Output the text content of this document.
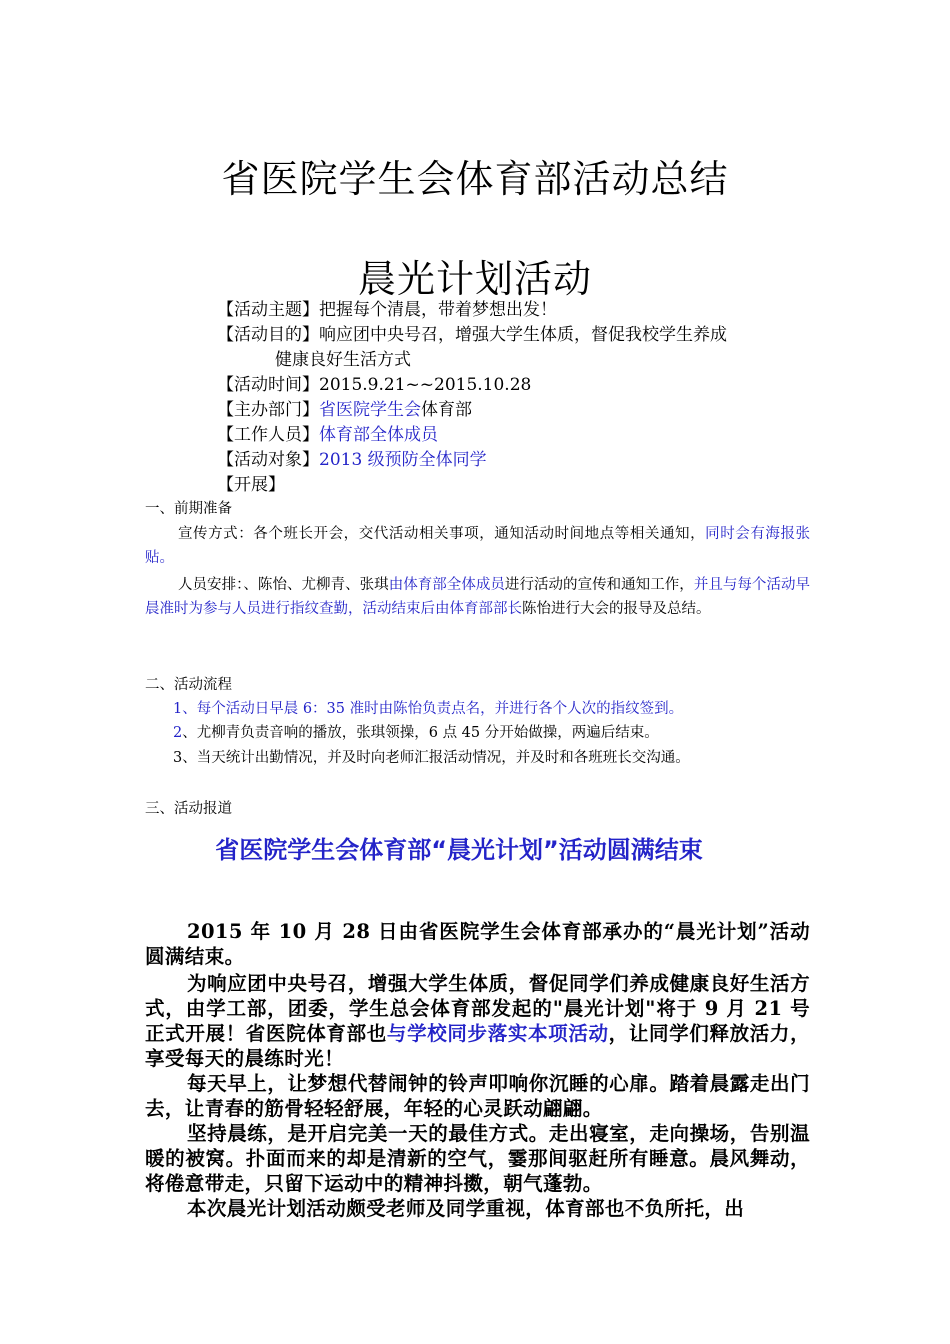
省医院学生会体育部活动总结
晨光计划活动
【活动主题】把握每个清晨，带着梦想出发！
【活动目的】响应团中央号召，增强大学生体质，督促我校学生养成
健康良好生活方式
【活动时间】2015.9.21~~2015.10.28
【主办部门】省医院学生会体育部
【工作人员】体育部全体成员
【活动对象】2013 级预防全体同学
【开展】
一、前期准备
宣传方式：各个班长开会，交代活动相关事项，通知活动时间地点等相关通知，同时会有海报张贴。
人员安排：、陈怡、尤柳青、张琪由体育部全体成员进行活动的宣传和通知工作，并且与每个活动早晨准时为参与人员进行指纹查勤，活动结束后由体育部部长陈怡进行大会的报导及总结。
二、活动流程
1、每个活动日早晨 6：35 准时由陈怡负责点名，并进行各个人次的指纹签到。
2、尤柳青负责音响的播放，张琪领操，6 点 45 分开始做操，两遍后结束。
3、当天统计出勤情况，并及时向老师汇报活动情况，并及时和各班班长交沟通。
三、活动报道
省医院学生会体育部“晨光计划”活动圆满结束
2015 年 10 月 28 日由省医院学生会体育部承办的“晨光计划”活动圆满结束。
为响应团中央号召，增强大学生体质，督促同学们养成健康良好生活方式，由学工部，团委，学生总会体育部发起的"晨光计划"将于 9 月 21 号正式开展！省医院体育部也与学校同步落实本项活动，让同学们释放活力，享受每天的晨练时光！
每天早上，让梦想代替闹钟的铃声叩响你沉睡的心扉。踏着晨露走出门去，让青春的筋骨轻轻舒展，年轻的心灵跃动翩翩。
坚持晨练，是开启完美一天的最佳方式。走出寝室，走向操场，告别温暖的被窝。扑面而来的却是清新的空气，霎那间驱赶所有睡意。晨风舞动，将倦意带走，只留下运动中的精神抖擞，朝气蓬勃。
本次晨光计划活动颇受老师及同学重视，体育部也不负所托，出
